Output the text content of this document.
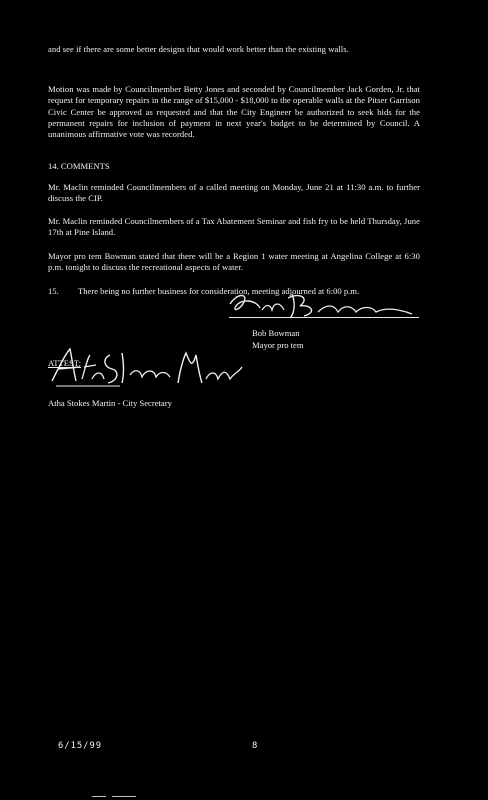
and see if there are some better designs that would work better than the existing walls.
Motion was made by Councilmember Betty Jones and seconded by Councilmember Jack Gorden, Jr. that request for temporary repairs in the range of $15,000 - $18,000 to the operable walls at the Pitser Garrison Civic Center be approved as requested and that the City Engineer be authorized to seek bids for the permanent repairs for inclusion of payment in next year's budget to be determined by Council. A unanimous affirmative vote was recorded.
14. COMMENTS
Mr. Maclin reminded Councilmembers of a called meeting on Monday, June 21 at 11:30 a.m. to further discuss the CIP.
Mr. Maclin reminded Councilmembers of a Tax Abatement Seminar and fish fry to be held Thursday, June 17th at Pine Island.
Mayor pro tem Bowman stated that there will be a Region 1 water meeting at Angelina College at 6:30 p.m. tonight to discuss the recreational aspects of water.
15. There being no further business for consideration, meeting adjourned at 6:00 p.m.
Bob Bowman
Mayor pro tem
ATTEST:
Atha Stokes Martin - City Secretary
6/15/99	8
